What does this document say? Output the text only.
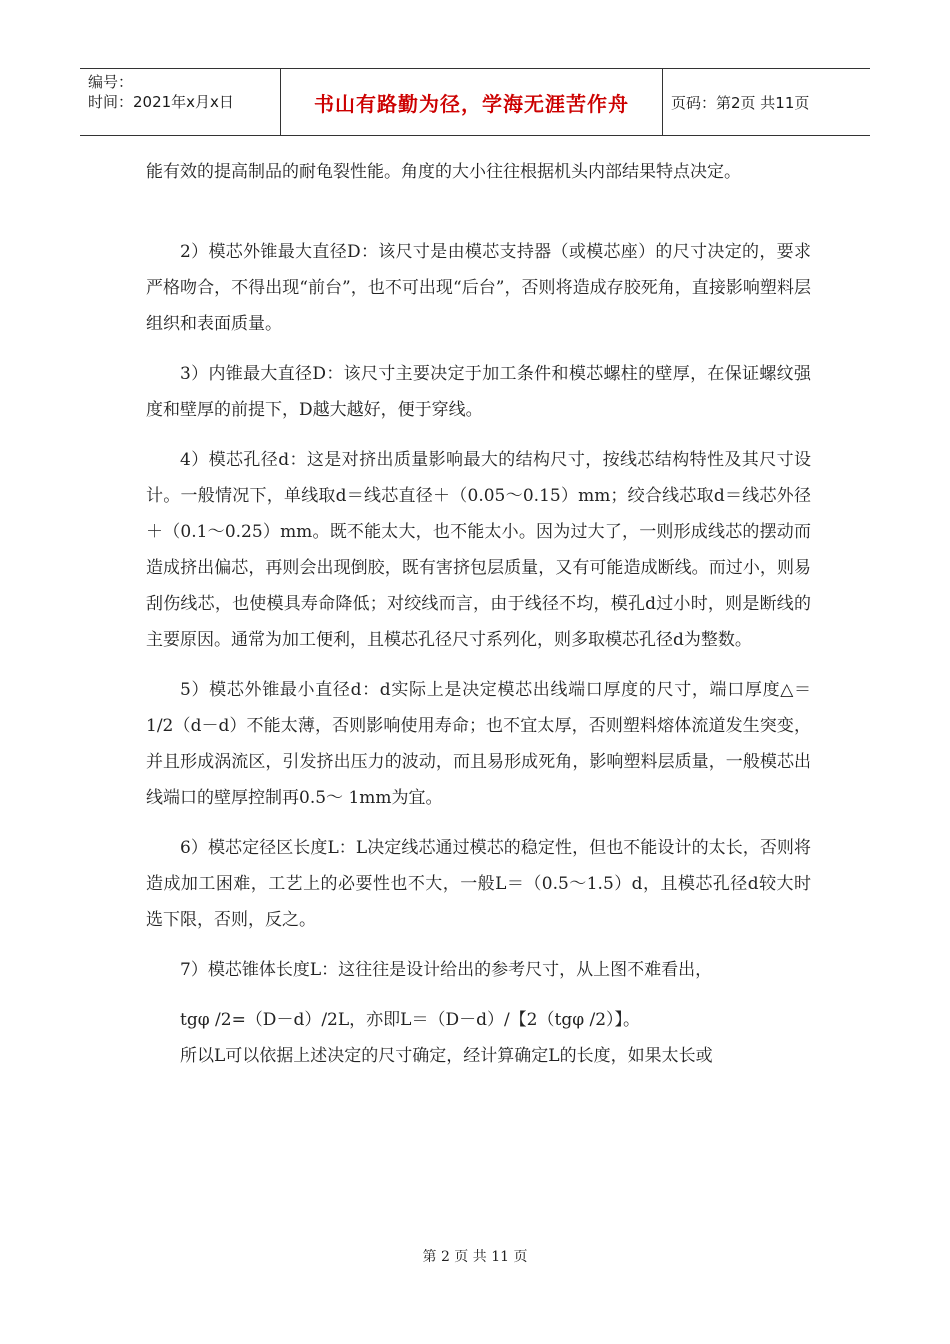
编号：
时间：2021年x月x日	书山有路勤为径，学海无涯苦作舟	页码：第2页 共11页

能有效的提高制品的耐龟裂性能。角度的大小往往根据机头内部结果特点决定。

2）模芯外锥最大直径D：该尺寸是由模芯支持器（或模芯座）的尺寸决定的，要求严格吻合，不得出现“前台”，也不可出现“后台”，否则将造成存胶死角，直接影响塑料层组织和表面质量。

3）内锥最大直径D：该尺寸主要决定于加工条件和模芯螺柱的壁厚，在保证螺纹强度和壁厚的前提下，D越大越好，便于穿线。

4）模芯孔径d：这是对挤出质量影响最大的结构尺寸，按线芯结构特性及其尺寸设计。一般情况下，单线取d＝线芯直径＋（0.05～0.15）mm；绞合线芯取d＝线芯外径＋（0.1～0.25）mm。既不能太大，也不能太小。因为过大了，一则形成线芯的摆动而造成挤出偏芯，再则会出现倒胶，既有害挤包层质量，又有可能造成断线。而过小，则易刮伤线芯，也使模具寿命降低；对绞线而言，由于线径不均，模孔d过小时，则是断线的主要原因。通常为加工便利，且模芯孔径尺寸系列化，则多取模芯孔径d为整数。

5）模芯外锥最小直径d：d实际上是决定模芯出线端口厚度的尺寸，端口厚度△＝1/2（d－d）不能太薄，否则影响使用寿命；也不宜太厚，否则塑料熔体流道发生突变，并且形成涡流区，引发挤出压力的波动，而且易形成死角，影响塑料层质量，一般模芯出线端口的壁厚控制再0.5～ 1mm为宜。

6）模芯定径区长度L：L决定线芯通过模芯的稳定性，但也不能设计的太长，否则将造成加工困难，工艺上的必要性也不大，一般L＝（0.5～1.5）d，且模芯孔径d较大时选下限，否则，反之。

7）模芯锥体长度L：这往往是设计给出的参考尺寸，从上图不难看出，

tgφ /2=（D－d）/2L，亦即L＝（D－d）/【2（tgφ /2）】。

所以L可以依据上述决定的尺寸确定，经计算确定L的长度，如果太长或

第 2 页 共 11 页
